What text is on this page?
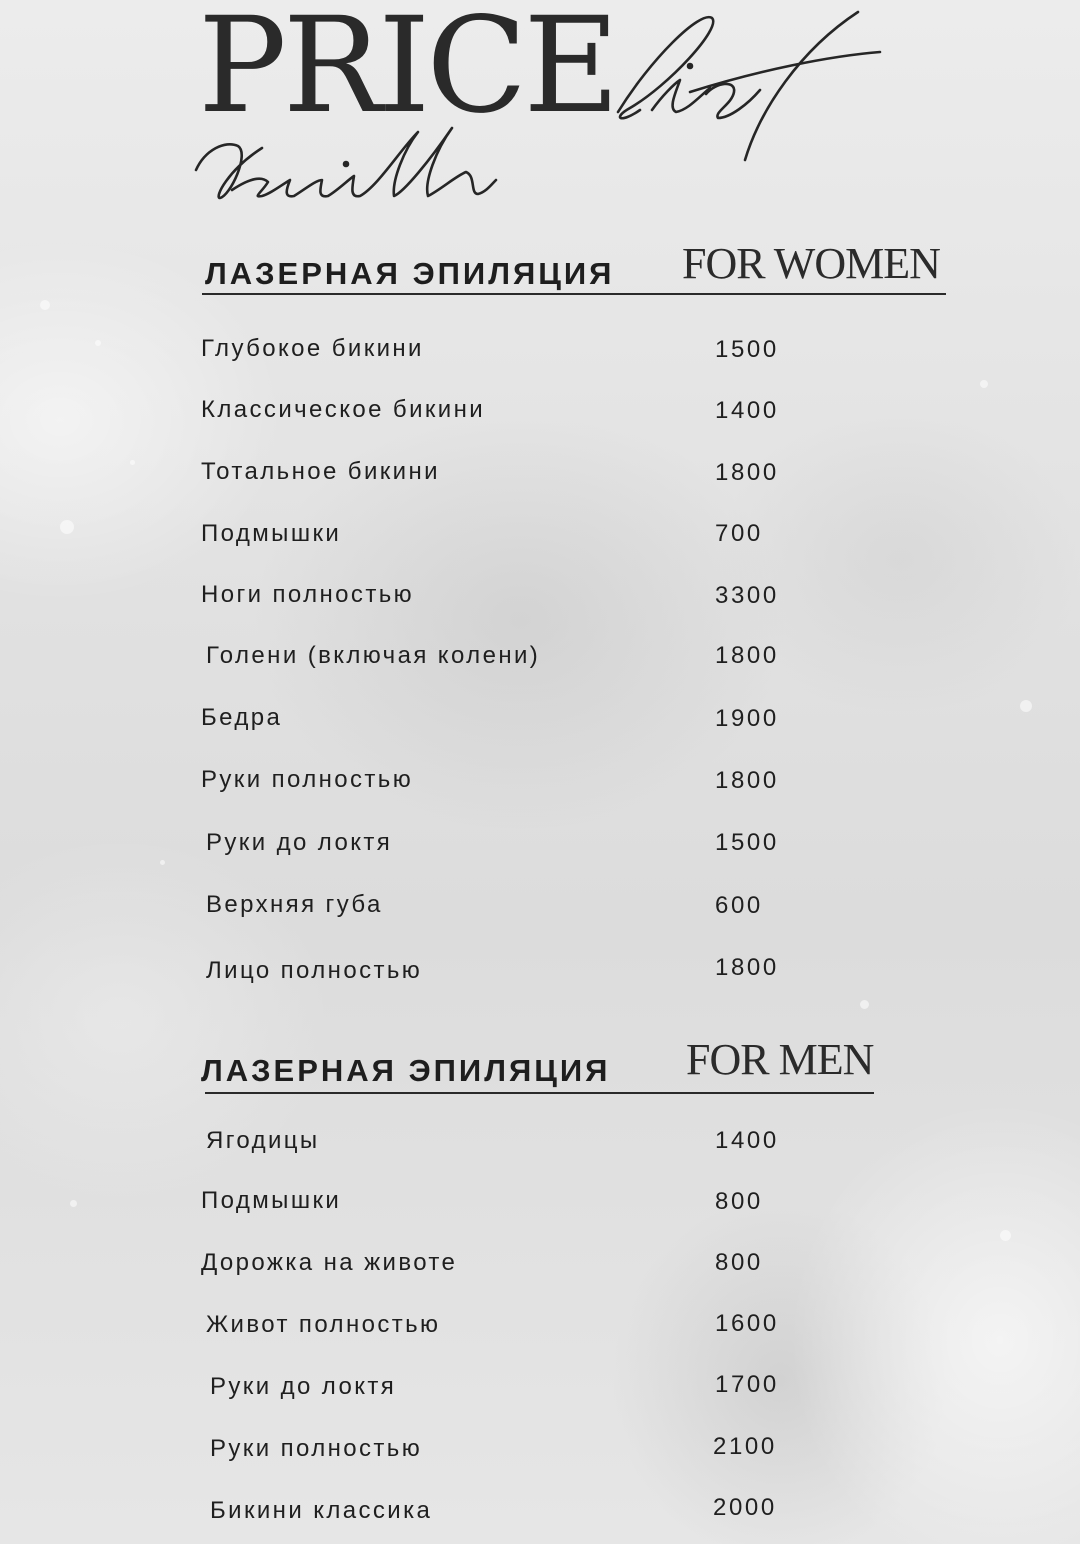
PRICE
ЛАЗЕРНАЯ ЭПИЛЯЦИЯ FOR WOMEN
Глубокое бикини	1500
Классическое бикини	1400
Тотальное бикини	1800
Подмышки	700
Ноги полностью	3300
Голени (включая колени)	1800
Бедра	1900
Руки полностью	1800
Руки до локтя	1500
Верхняя губа	600
Лицо полностью	1800
ЛАЗЕРНАЯ ЭПИЛЯЦИЯ FOR MEN
Ягодицы	1400
Подмышки	800
Дорожка на животе	800
Живот полностью	1600
Руки до локтя	1700
Руки полностью	2100
Бикини классика	2000
